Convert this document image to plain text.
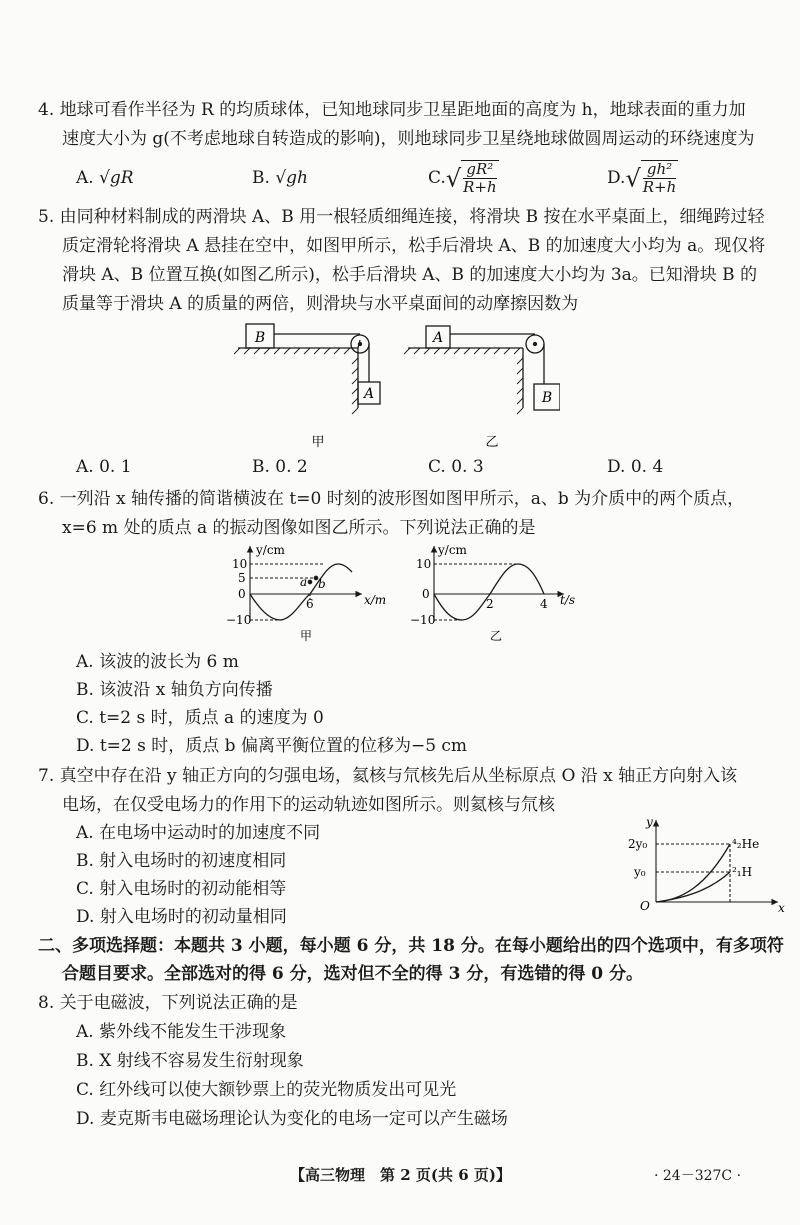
4. 地球可看作半径为 R 的均质球体，已知地球同步卫星距地面的高度为 h，地球表面的重力加
速度大小为 g(不考虑地球自转造成的影响)，则地球同步卫星绕地球做圆周运动的环绕速度为
A. √gR	B. √gh	$C.√ \frac{\text{gR²}}{R+h}$	$D.√ \frac{\text{gh²}}{R+h}$
5. 由同种材料制成的两滑块 A、B 用一根轻质细绳连接，将滑块 B 按在水平桌面上，细绳跨过轻
质定滑轮将滑块 A 悬挂在空中，如图甲所示，松手后滑块 A、B 的加速度大小均为 a。现仅将
滑块 A、B 位置互换(如图乙所示)，松手后滑块 A、B 的加速度大小均为 3a。已知滑块 B 的
质量等于滑块 A 的质量的两倍，则滑块与水平桌面间的动摩擦因数为
B
A
甲
A
B
乙
A. 0. 1	B. 0. 2	C. 0. 3	D. 0. 4
6. 一列沿 x 轴传播的简谐横波在 t=0 时刻的波形图如图甲所示，a、b 为介质中的两个质点，
x=6 m 处的质点 a 的振动图像如图乙所示。下列说法正确的是
y/cm
x/m
10
5
0
−10
6
a b
甲
y/cm
t/s
10
0
−10
2	4
乙
A. 该波的波长为 6 m
B. 该波沿 x 轴负方向传播
C. t=2 s 时，质点 a 的速度为 0
D. t=2 s 时，质点 b 偏离平衡位置的位移为−5 cm
7. 真空中存在沿 y 轴正方向的匀强电场，氦核与氘核先后从坐标原点 O 沿 x 轴正方向射入该
电场，在仅受电场力的作用下的运动轨迹如图所示。则氦核与氘核
A. 在电场中运动时的加速度不同
B. 射入电场时的初速度相同
C. 射入电场时的初动能相等
D. 射入电场时的初动量相同
y
x
O
2y₀
y₀
⁴₂He
²₁H
二、多项选择题：本题共 3 小题，每小题 6 分，共 18 分。在每小题给出的四个选项中，有多项符
合题目要求。全部选对的得 6 分，选对但不全的得 3 分，有选错的得 0 分。
8. 关于电磁波，下列说法正确的是
A. 紫外线不能发生干涉现象
B. X 射线不容易发生衍射现象
C. 红外线可以使大额钞票上的荧光物质发出可见光
D. 麦克斯韦电磁场理论认为变化的电场一定可以产生磁场
【高三物理　第 2 页(共 6 页)】	· 24－327C ·
